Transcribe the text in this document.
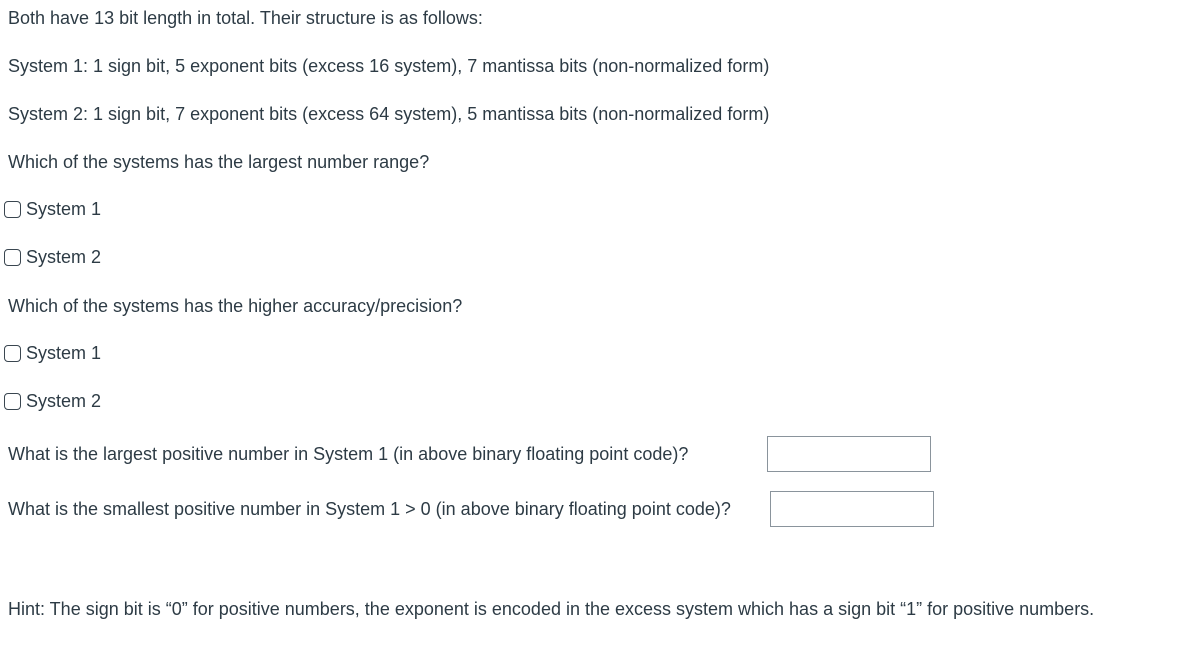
Both have 13 bit length in total. Their structure is as follows:
System 1: 1 sign bit, 5 exponent bits (excess 16 system), 7 mantissa bits (non-normalized form)
System 2: 1 sign bit, 7 exponent bits (excess 64 system), 5 mantissa bits (non-normalized form)
Which of the systems has the largest number range?
System 1
System 2
Which of the systems has the higher accuracy/precision?
System 1
System 2
What is the largest positive number in System 1 (in above binary floating point code)?
What is the smallest positive number in System 1 > 0 (in above binary floating point code)?
Hint: The sign bit is “0” for positive numbers, the exponent is encoded in the excess system which has a sign bit “1” for positive numbers.
